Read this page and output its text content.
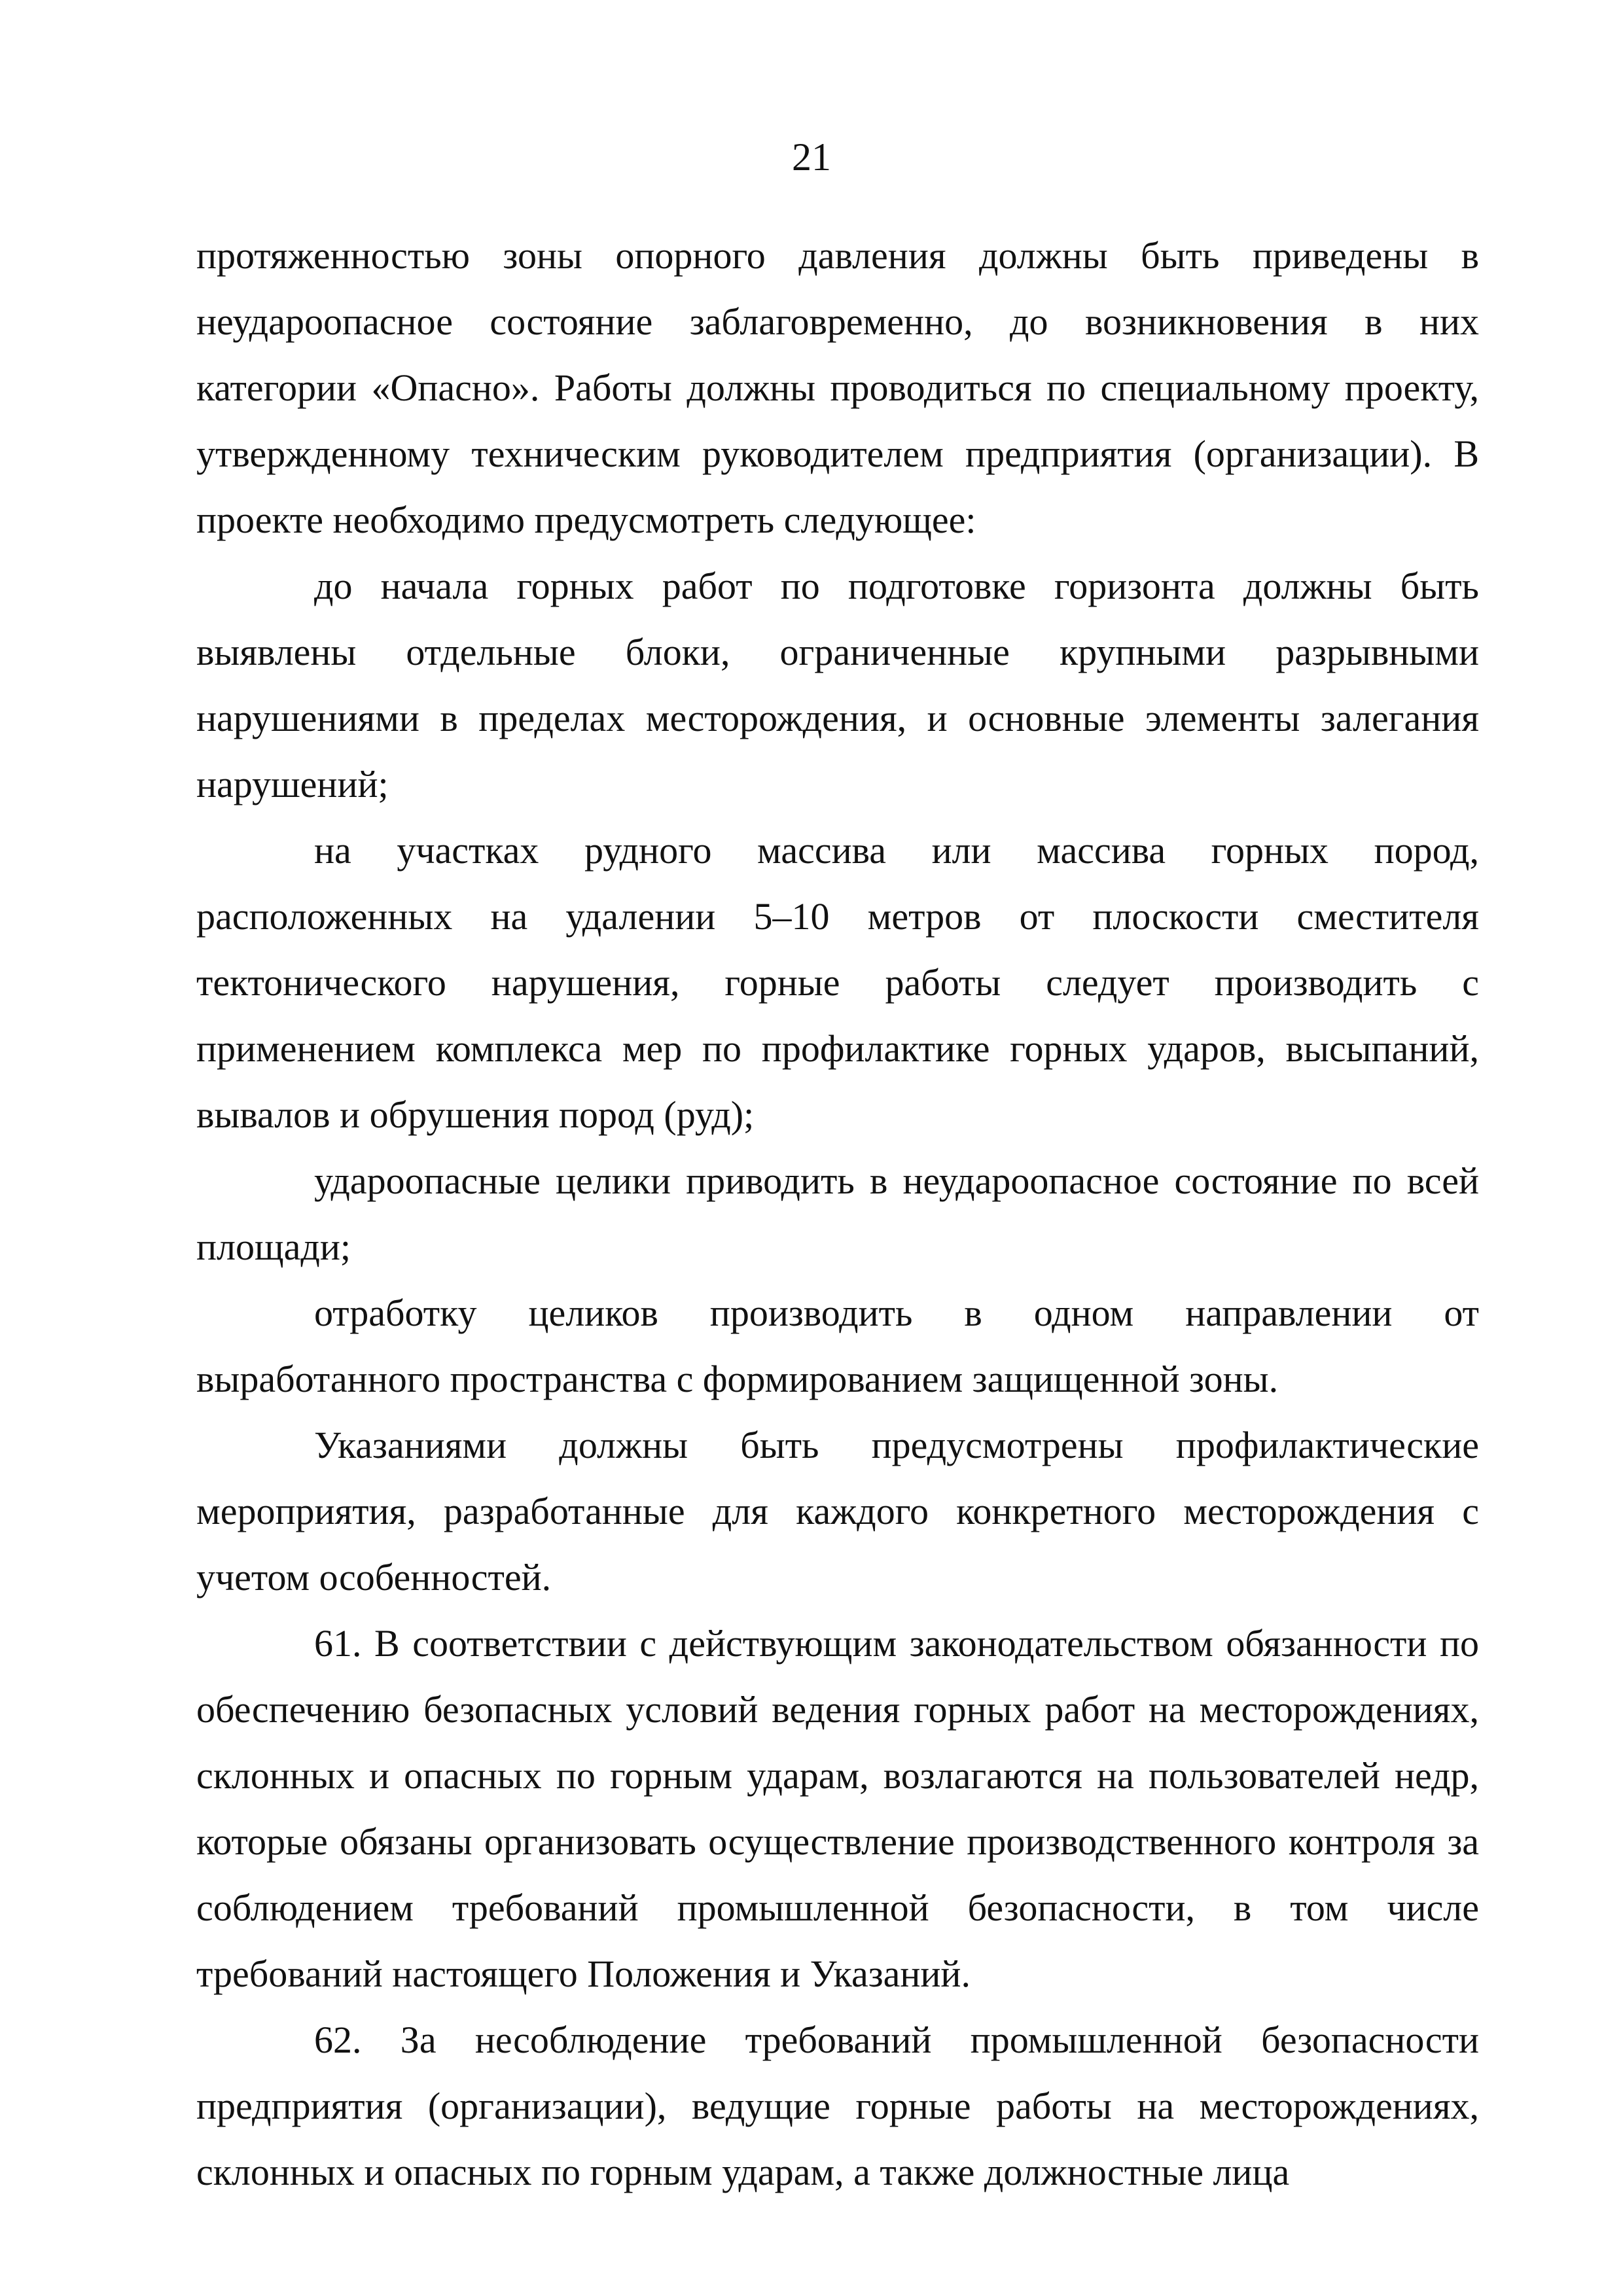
21

протяженностью зоны опорного давления должны быть приведены в неударoопасное состояние заблаговременно, до возникновения в них категории «Опасно». Работы должны проводиться по специальному проекту, утвержденному техническим руководителем предприятия (организации). В проекте необходимо предусмотреть следующее:

до начала горных работ по подготовке горизонта должны быть выявлены отдельные блоки, ограниченные крупными разрывными нарушениями в пределах месторождения, и основные элементы залегания нарушений;

на участках рудного массива или массива горных пород, расположенных на удалении 5–10 метров от плоскости сместителя тектонического нарушения, горные работы следует производить с применением комплекса мер по профилактике горных ударов, высыпаний, вывалов и обрушения пород (руд);

удароопасные целики приводить в неудароопасное состояние по всей площади;

отработку целиков производить в одном направлении от выработанного пространства с формированием защищенной зоны.

Указаниями должны быть предусмотрены профилактические мероприятия, разработанные для каждого конкретного месторождения с учетом особенностей.

61. В соответствии с действующим законодательством обязанности по обеспечению безопасных условий ведения горных работ на месторождениях, склонных и опасных по горным ударам, возлагаются на пользователей недр, которые обязаны организовать осуществление производственного контроля за соблюдением требований промышленной безопасности, в том числе требований настоящего Положения и Указаний.

62. За несоблюдение требований промышленной безопасности предприятия (организации), ведущие горные работы на месторождениях, склонных и опасных по горным ударам, а также должностные лица
